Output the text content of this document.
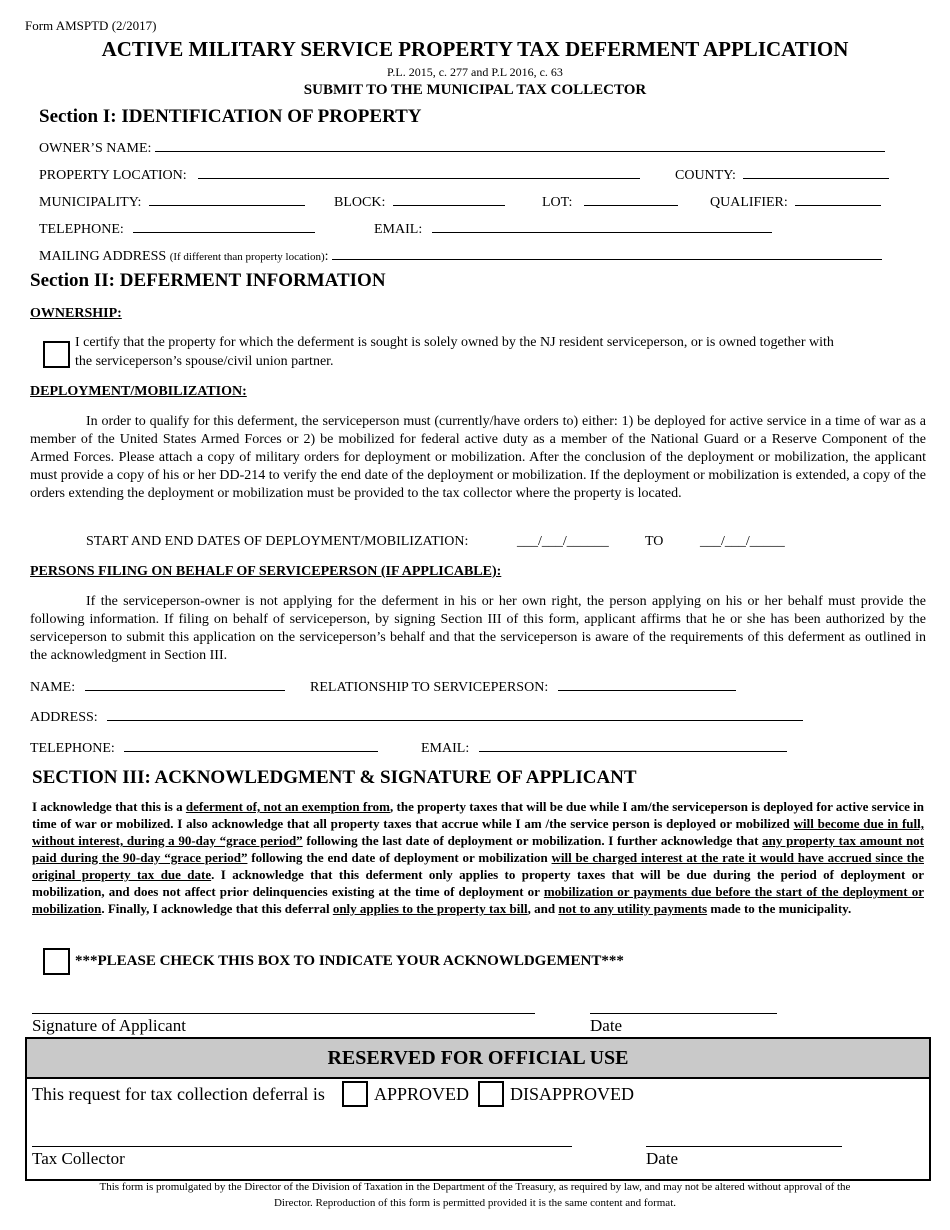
Form AMSPTD (2/2017)
ACTIVE MILITARY SERVICE PROPERTY TAX DEFERMENT APPLICATION
P.L. 2015, c. 277 and P.L 2016, c. 63
SUBMIT TO THE MUNICIPAL TAX COLLECTOR
Section I: IDENTIFICATION OF PROPERTY
OWNER’S NAME:
PROPERTY LOCATION:	COUNTY:
MUNICIPALITY:	BLOCK:	LOT:	QUALIFIER:
TELEPHONE:	EMAIL:
MAILING ADDRESS (If different than property location):
Section II: DEFERMENT INFORMATION
OWNERSHIP:
I certify that the property for which the deferment is sought is solely owned by the NJ resident serviceperson, or is owned together with
the serviceperson’s spouse/civil union partner.
DEPLOYMENT/MOBILIZATION:
In order to qualify for this deferment, the serviceperson must (currently/have orders to) either: 1) be deployed for active service in a time of war as a member of the United States Armed Forces or 2) be mobilized for federal active duty as a member of the National Guard or a Reserve Component of the Armed Forces. Please attach a copy of military orders for deployment or mobilization. After the conclusion of the deployment or mobilization, the applicant must provide a copy of his or her DD-214 to verify the end date of the deployment or mobilization. If the deployment or mobilization is extended, a copy of the orders extending the deployment or mobilization must be provided to the tax collector where the property is located.
START AND END DATES OF DEPLOYMENT/MOBILIZATION:	___/___/______	TO	___/___/_____
PERSONS FILING ON BEHALF OF SERVICEPERSON (IF APPLICABLE):
If the serviceperson-owner is not applying for the deferment in his or her own right, the person applying on his or her behalf must provide the following information. If filing on behalf of serviceperson, by signing Section III of this form, applicant affirms that he or she has been authorized by the serviceperson to submit this application on the serviceperson’s behalf and that the serviceperson is aware of the requirements of this deferment as outlined in the acknowledgment in Section III.
NAME:	RELATIONSHIP TO SERVICEPERSON:
ADDRESS:
TELEPHONE:	EMAIL:
SECTION III: ACKNOWLEDGMENT & SIGNATURE OF APPLICANT
I acknowledge that this is a deferment of, not an exemption from, the property taxes that will be due while I am/the serviceperson is deployed for active service in time of war or mobilized. I also acknowledge that all property taxes that accrue while I am /the service person is deployed or mobilized will become due in full, without interest, during a 90-day “grace period” following the last date of deployment or mobilization. I further acknowledge that any property tax amount not paid during the 90-day “grace period” following the end date of deployment or mobilization will be charged interest at the rate it would have accrued since the original property tax due date. I acknowledge that this deferment only applies to property taxes that will be due during the period of deployment or mobilization, and does not affect prior delinquencies existing at the time of deployment or mobilization or payments due before the start of the deployment or mobilization. Finally, I acknowledge that this deferral only applies to the property tax bill, and not to any utility payments made to the municipality.
***PLEASE CHECK THIS BOX TO INDICATE YOUR ACKNOWLDGEMENT***
Signature of Applicant	Date
RESERVED FOR OFFICIAL USE
This request for tax collection deferral is	APPROVED DISAPPROVED
Tax Collector	Date
This form is promulgated by the Director of the Division of Taxation in the Department of the Treasury, as required by law, and may not be altered without approval of the
Director. Reproduction of this form is permitted provided it is the same content and format.
